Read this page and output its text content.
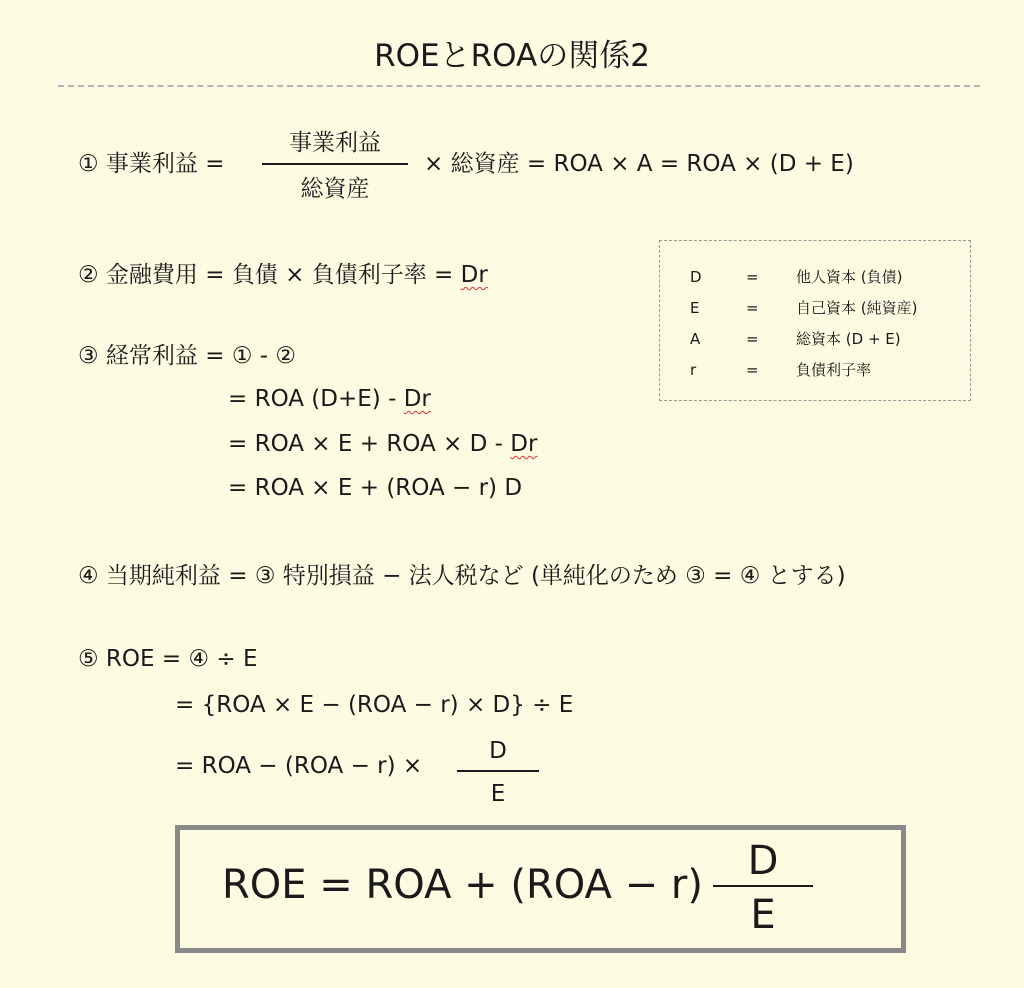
ROEとROAの関係2
① 事業利益 =
事業利益
総資産
× 総資産 = ROA × A = ROA × (D + E)
② 金融費用 = 負債 × 負債利子率 = Dr	D	= 他人資本 (負債)
E	= 自己資本 (純資産)
A	= 総資本 (D + E)
r	= 負債利子率
③ 経常利益 = ① - ②
= ROA (D+E) - Dr
= ROA × E + ROA × D - Dr
= ROA × E + (ROA − r) D
④ 当期純利益 = ③ 特別損益 − 法人税など (単純化のため ③ = ④ とする)
⑤ ROE = ④ ÷ E
= {ROA × E − (ROA − r) × D} ÷ E
= ROA − (ROA − r) ×
D
E
ROE = ROA + (ROA − r)
D
E
